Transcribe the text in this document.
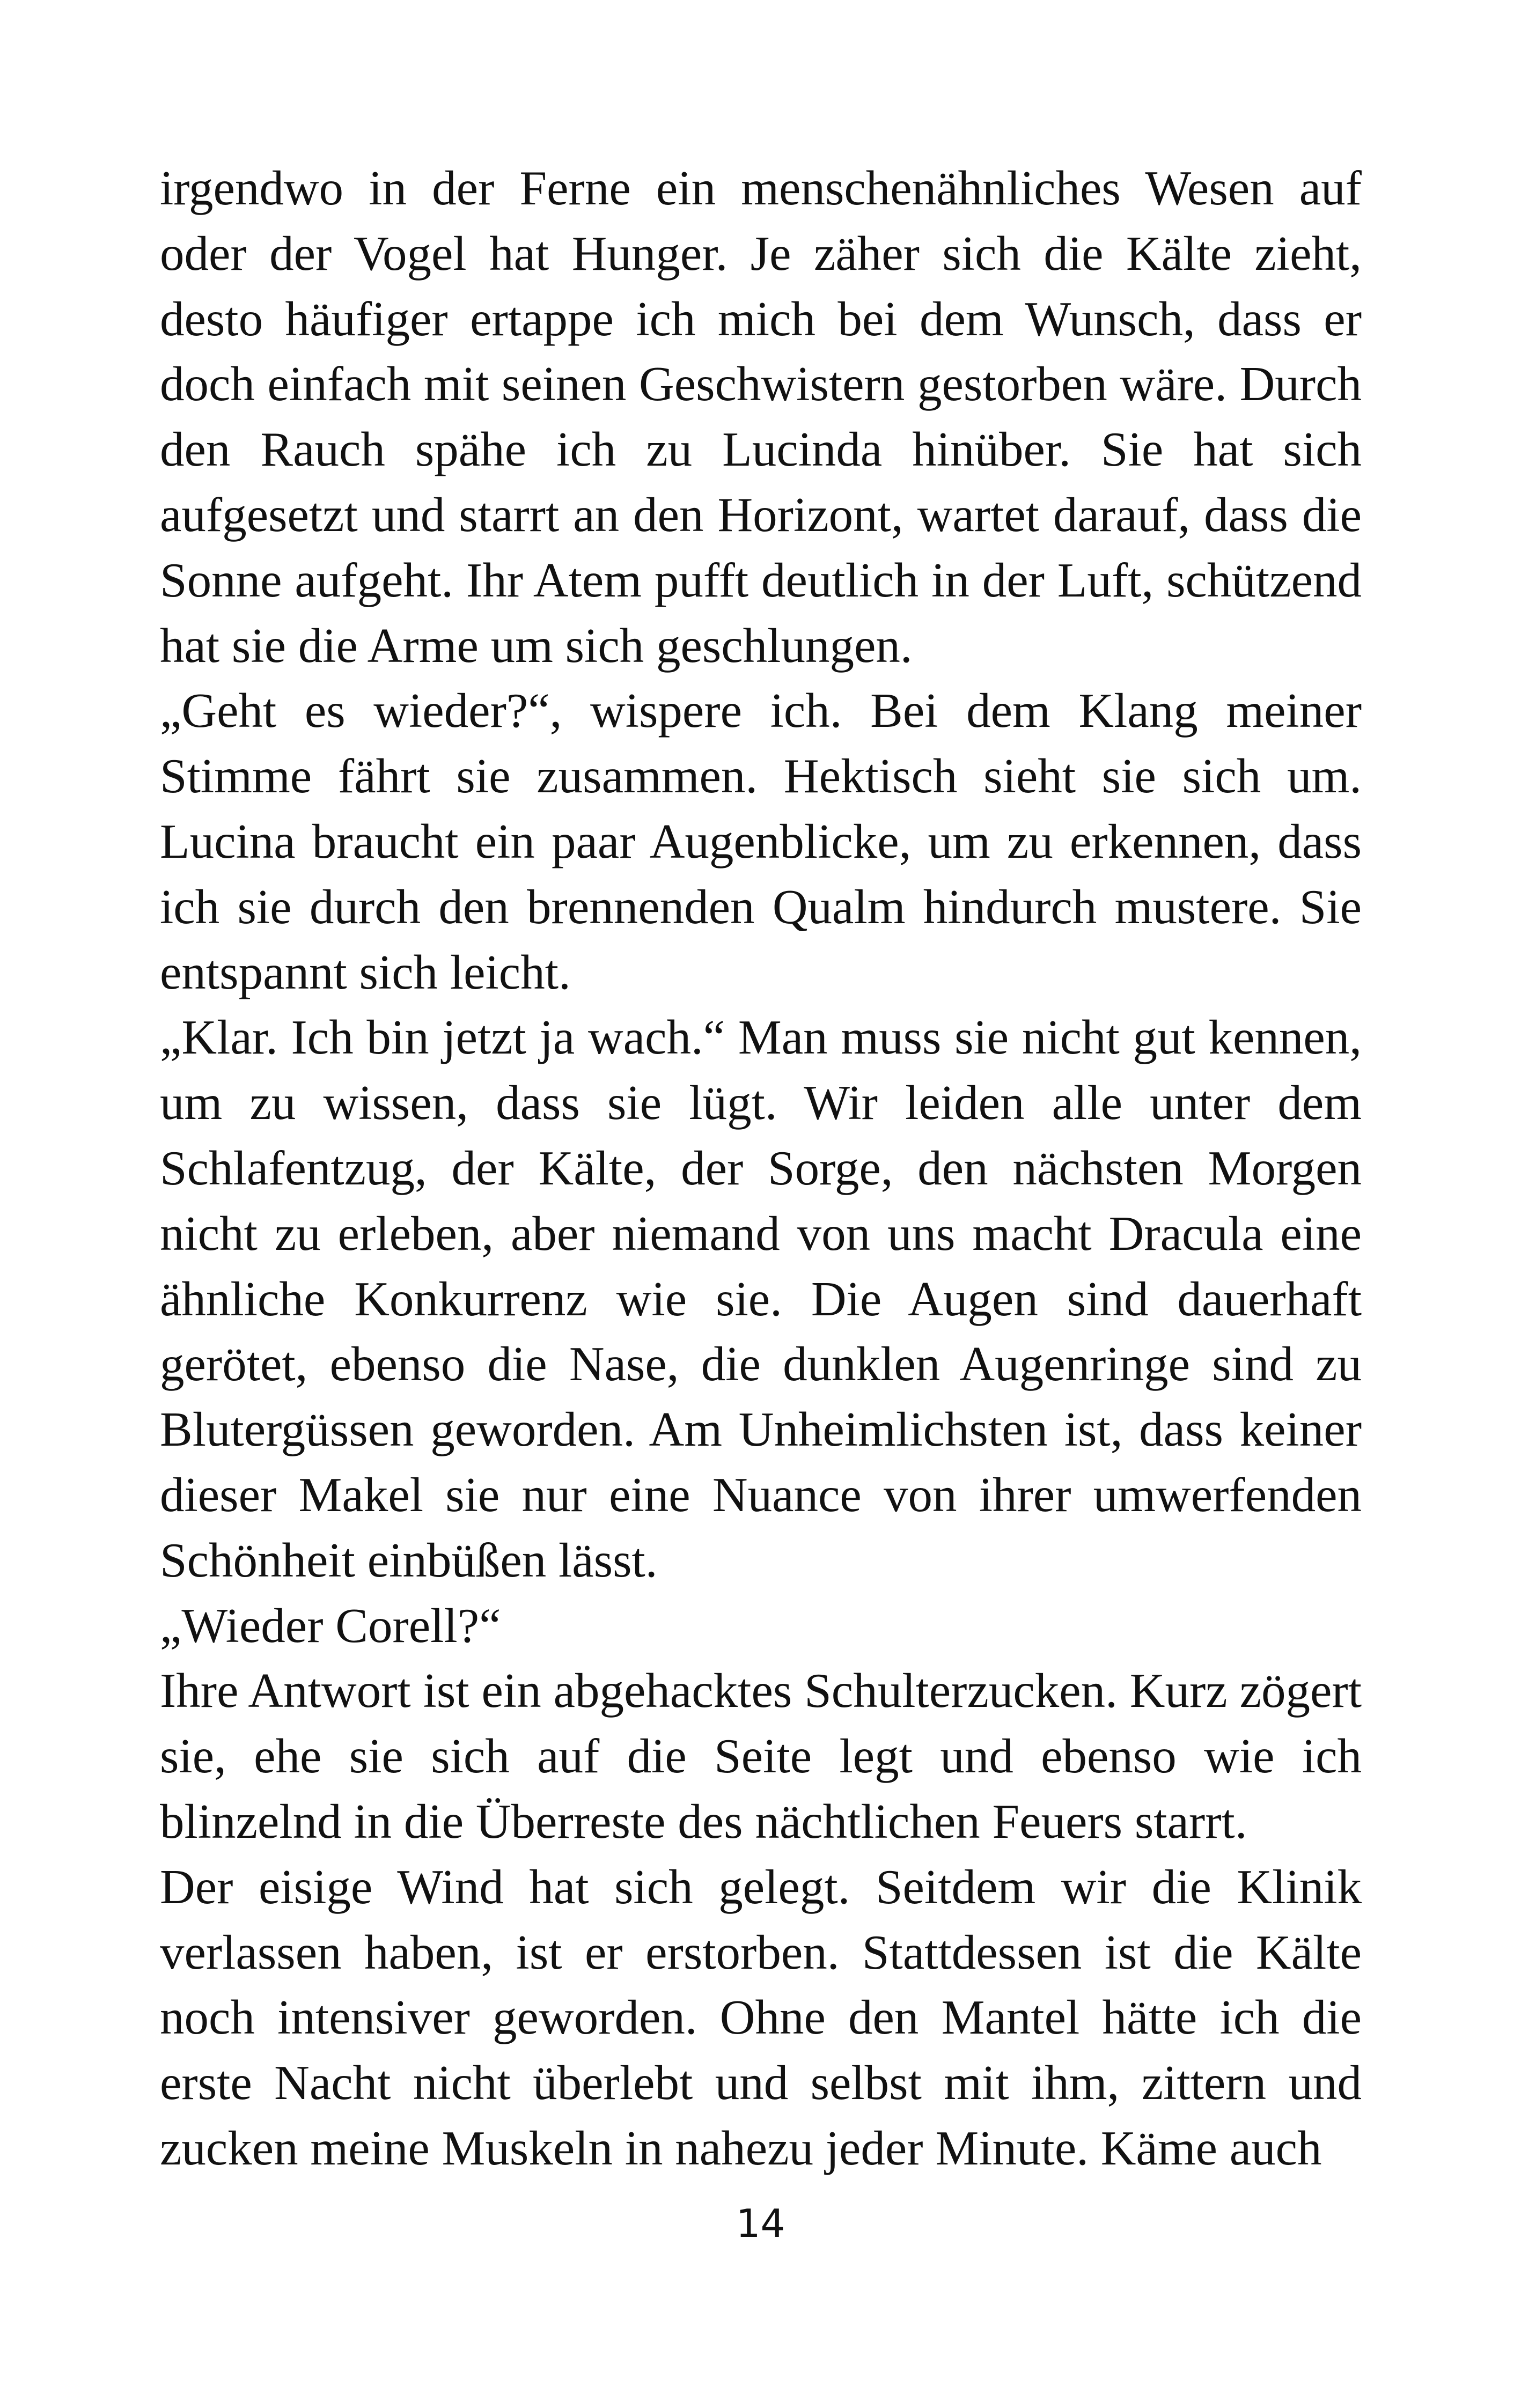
irgendwo in der Ferne ein menschenähnliches Wesen auf oder der Vogel hat Hunger. Je zäher sich die Kälte zieht, desto häufiger ertappe ich mich bei dem Wunsch, dass er doch einfach mit seinen Geschwistern gestorben wäre. Durch den Rauch spähe ich zu Lucinda hinüber. Sie hat sich aufgesetzt und starrt an den Horizont, wartet darauf, dass die Sonne aufgeht. Ihr Atem pufft deutlich in der Luft, schützend hat sie die Arme um sich geschlungen.

„Geht es wieder?“, wispere ich. Bei dem Klang meiner Stimme fährt sie zusammen. Hektisch sieht sie sich um. Lucina braucht ein paar Augenblicke, um zu erkennen, dass ich sie durch den brennenden Qualm hindurch mustere. Sie entspannt sich leicht.

„Klar. Ich bin jetzt ja wach.“ Man muss sie nicht gut kennen, um zu wissen, dass sie lügt. Wir leiden alle unter dem Schlafentzug, der Kälte, der Sorge, den nächsten Morgen nicht zu erleben, aber niemand von uns macht Dracula eine ähnliche Konkurrenz wie sie. Die Augen sind dauerhaft gerötet, ebenso die Nase, die dunklen Augenringe sind zu Blutergüssen geworden. Am Unheimlichsten ist, dass keiner dieser Makel sie nur eine Nuance von ihrer umwerfenden Schönheit einbüßen lässt.

„Wieder Corell?“

Ihre Antwort ist ein abgehacktes Schulterzucken. Kurz zögert sie, ehe sie sich auf die Seite legt und ebenso wie ich blinzelnd in die Überreste des nächtlichen Feuers starrt.

Der eisige Wind hat sich gelegt. Seitdem wir die Klinik verlassen haben, ist er erstorben. Stattdessen ist die Kälte noch intensiver geworden. Ohne den Mantel hätte ich die erste Nacht nicht überlebt und selbst mit ihm, zittern und zucken meine Muskeln in nahezu jeder Minute. Käme auch

14
